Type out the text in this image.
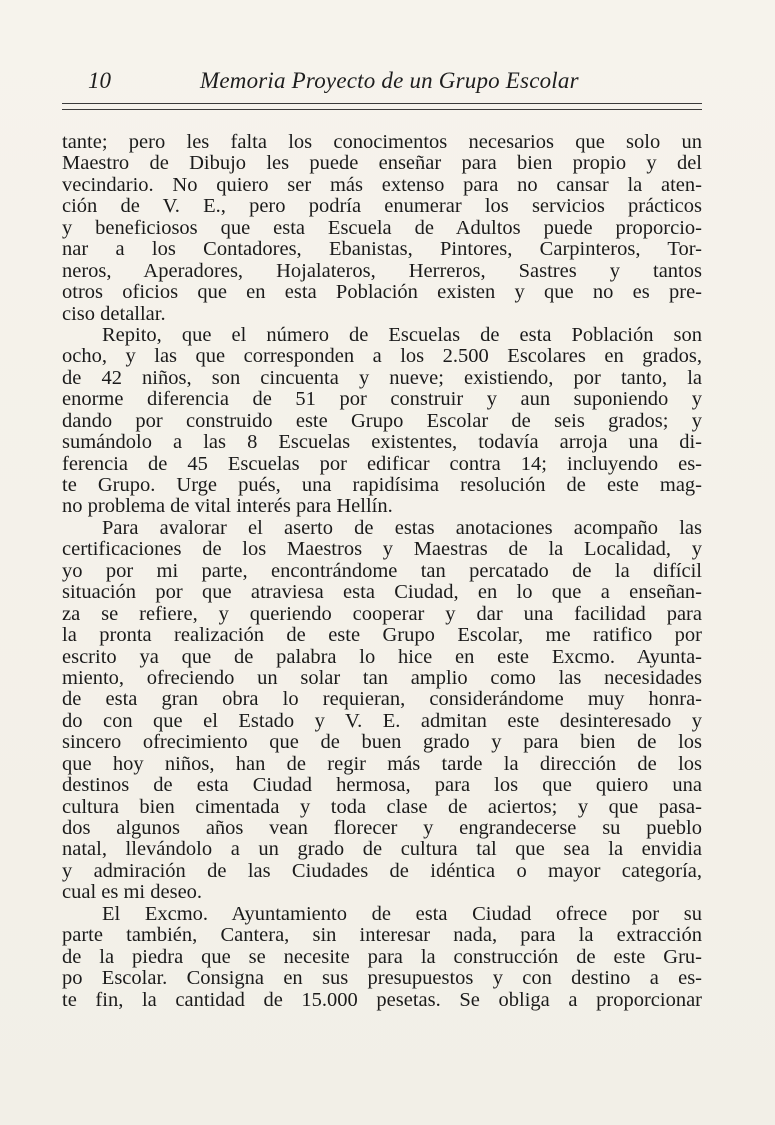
10	Memoria Proyecto de un Grupo Escolar
tante; pero les falta los conocimentos necesarios que solo un
Maestro de Dibujo les puede enseñar para bien propio y del
vecindario. No quiero ser más extenso para no cansar la aten-
ción de V. E., pero podría enumerar los servicios prácticos
y beneficiosos que esta Escuela de Adultos puede proporcio-
nar a los Contadores, Ebanistas, Pintores, Carpinteros, Tor-
neros, Aperadores, Hojalateros, Herreros, Sastres y tantos
otros oficios que en esta Población existen y que no es pre-
ciso detallar.
Repito, que el número de Escuelas de esta Población son
ocho, y las que corresponden a los 2.500 Escolares en grados,
de 42 niños, son cincuenta y nueve; existiendo, por tanto, la
enorme diferencia de 51 por construir y aun suponiendo y
dando por construido este Grupo Escolar de seis grados; y
sumándolo a las 8 Escuelas existentes, todavía arroja una di-
ferencia de 45 Escuelas por edificar contra 14; incluyendo es-
te Grupo. Urge pués, una rapidísima resolución de este mag-
no problema de vital interés para Hellín.
Para avalorar el aserto de estas anotaciones acompaño las
certificaciones de los Maestros y Maestras de la Localidad, y
yo por mi parte, encontrándome tan percatado de la difícil
situación por que atraviesa esta Ciudad, en lo que a enseñan-
za se refiere, y queriendo cooperar y dar una facilidad para
la pronta realización de este Grupo Escolar, me ratifico por
escrito ya que de palabra lo hice en este Excmo. Ayunta-
miento, ofreciendo un solar tan amplio como las necesidades
de esta gran obra lo requieran, considerándome muy honra-
do con que el Estado y V. E. admitan este desinteresado y
sincero ofrecimiento que de buen grado y para bien de los
que hoy niños, han de regir más tarde la dirección de los
destinos de esta Ciudad hermosa, para los que quiero una
cultura bien cimentada y toda clase de aciertos; y que pasa-
dos algunos años vean florecer y engrandecerse su pueblo
natal, llevándolo a un grado de cultura tal que sea la envidia
y admiración de las Ciudades de idéntica o mayor categoría,
cual es mi deseo.
El Excmo. Ayuntamiento de esta Ciudad ofrece por su
parte también, Cantera, sin interesar nada, para la extracción
de la piedra que se necesite para la construcción de este Gru-
po Escolar. Consigna en sus presupuestos y con destino a es-
te fin, la cantidad de 15.000 pesetas. Se obliga a proporcionar
